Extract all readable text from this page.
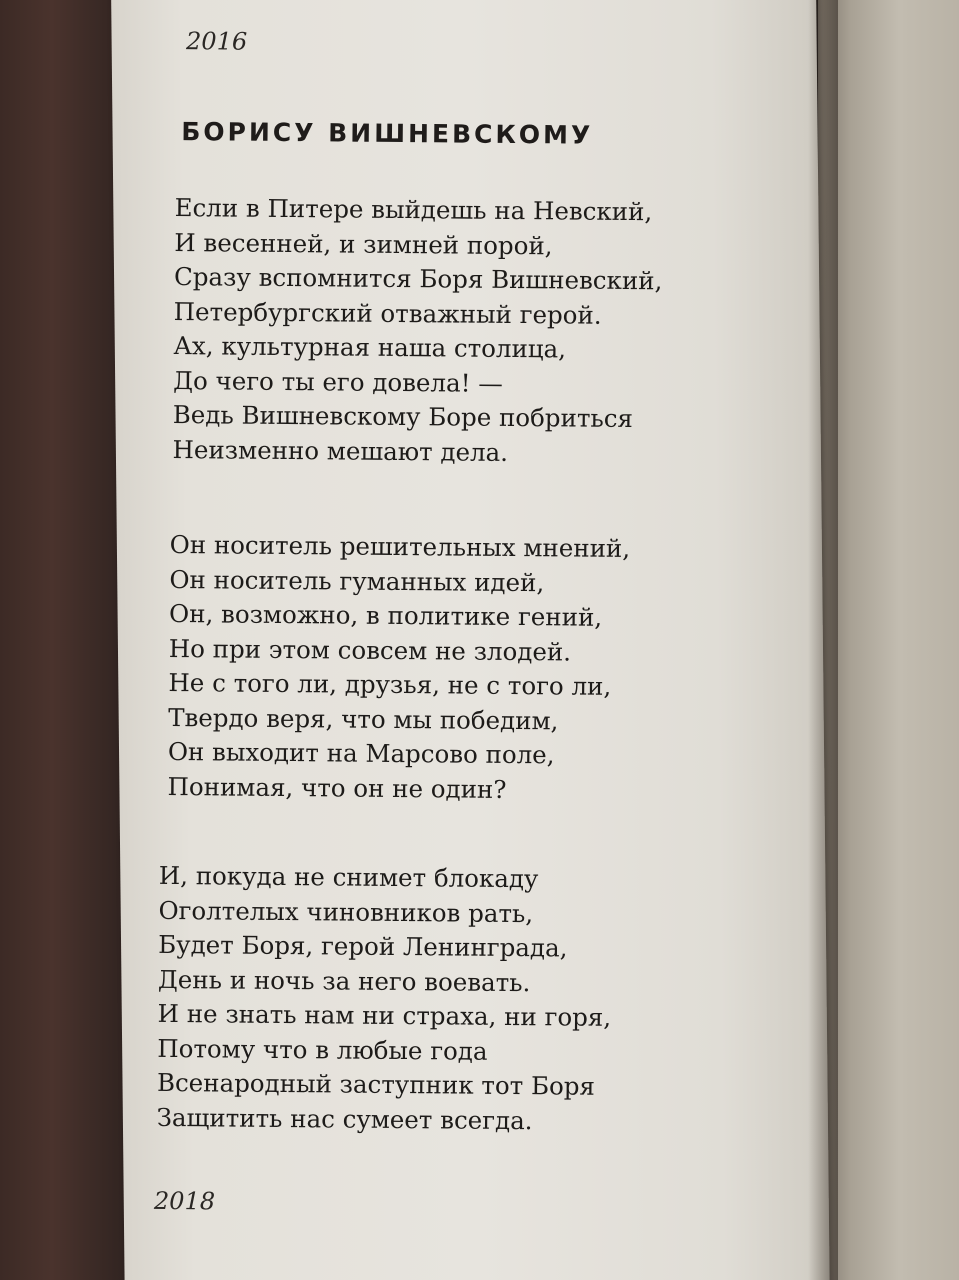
2016
БОРИСУ ВИШНЕВСКОМУ
Если в Питере выйдешь на Невский,
И весенней, и зимней порой,
Сразу вспомнится Боря Вишневский,
Петербургский отважный герой.
Ах, культурная наша столица,
До чего ты его довела! —
Ведь Вишневскому Боре побриться
Неизменно мешают дела.
Он носитель решительных мнений,
Он носитель гуманных идей,
Он, возможно, в политике гений,
Но при этом совсем не злодей.
Не с того ли, друзья, не с того ли,
Твердо веря, что мы победим,
Он выходит на Марсово поле,
Понимая, что он не один?
И, покуда не снимет блокаду
Оголтелых чиновников рать,
Будет Боря, герой Ленинграда,
День и ночь за него воевать.
И не знать нам ни страха, ни горя,
Потому что в любые года
Всенародный заступник тот Боря
Защитить нас сумеет всегда.
2018
